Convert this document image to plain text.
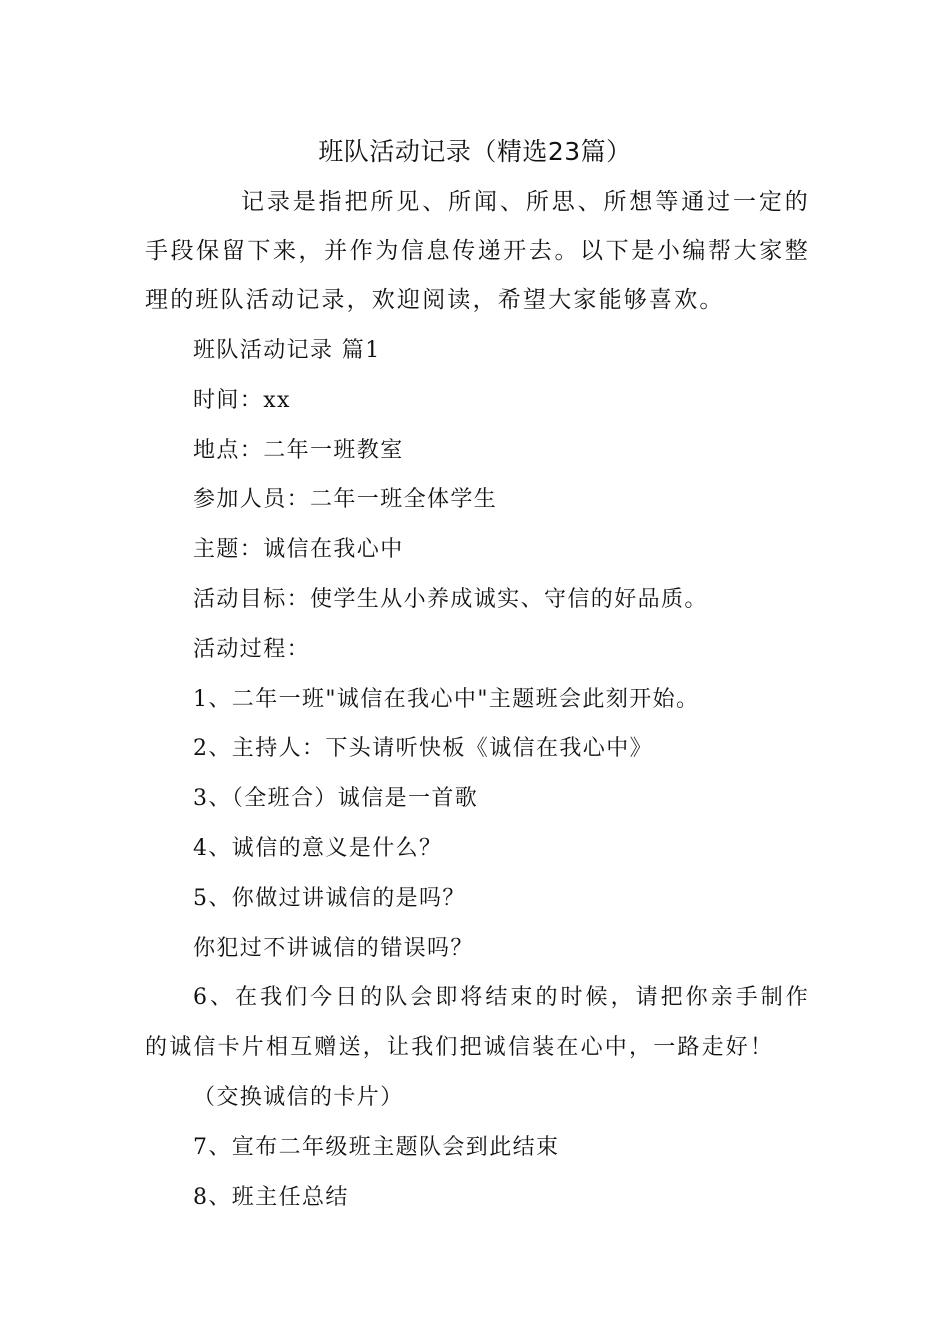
班队活动记录（精选23篇）

记录是指把所见、所闻、所思、所想等通过一定的手段保留下来，并作为信息传递开去。以下是小编帮大家整理的班队活动记录，欢迎阅读，希望大家能够喜欢。

班队活动记录 篇1

时间：xx

地点：二年一班教室

参加人员：二年一班全体学生

主题：诚信在我心中

活动目标：使学生从小养成诚实、守信的好品质。

活动过程：

1、二年一班"诚信在我心中"主题班会此刻开始。

2、主持人：下头请听快板《诚信在我心中》

3、（全班合）诚信是一首歌

4、诚信的意义是什么？

5、你做过讲诚信的是吗？

你犯过不讲诚信的错误吗？

6、在我们今日的队会即将结束的时候，请把你亲手制作的诚信卡片相互赠送，让我们把诚信装在心中，一路走好！

（交换诚信的卡片）

7、宣布二年级班主题队会到此结束

8、班主任总结
